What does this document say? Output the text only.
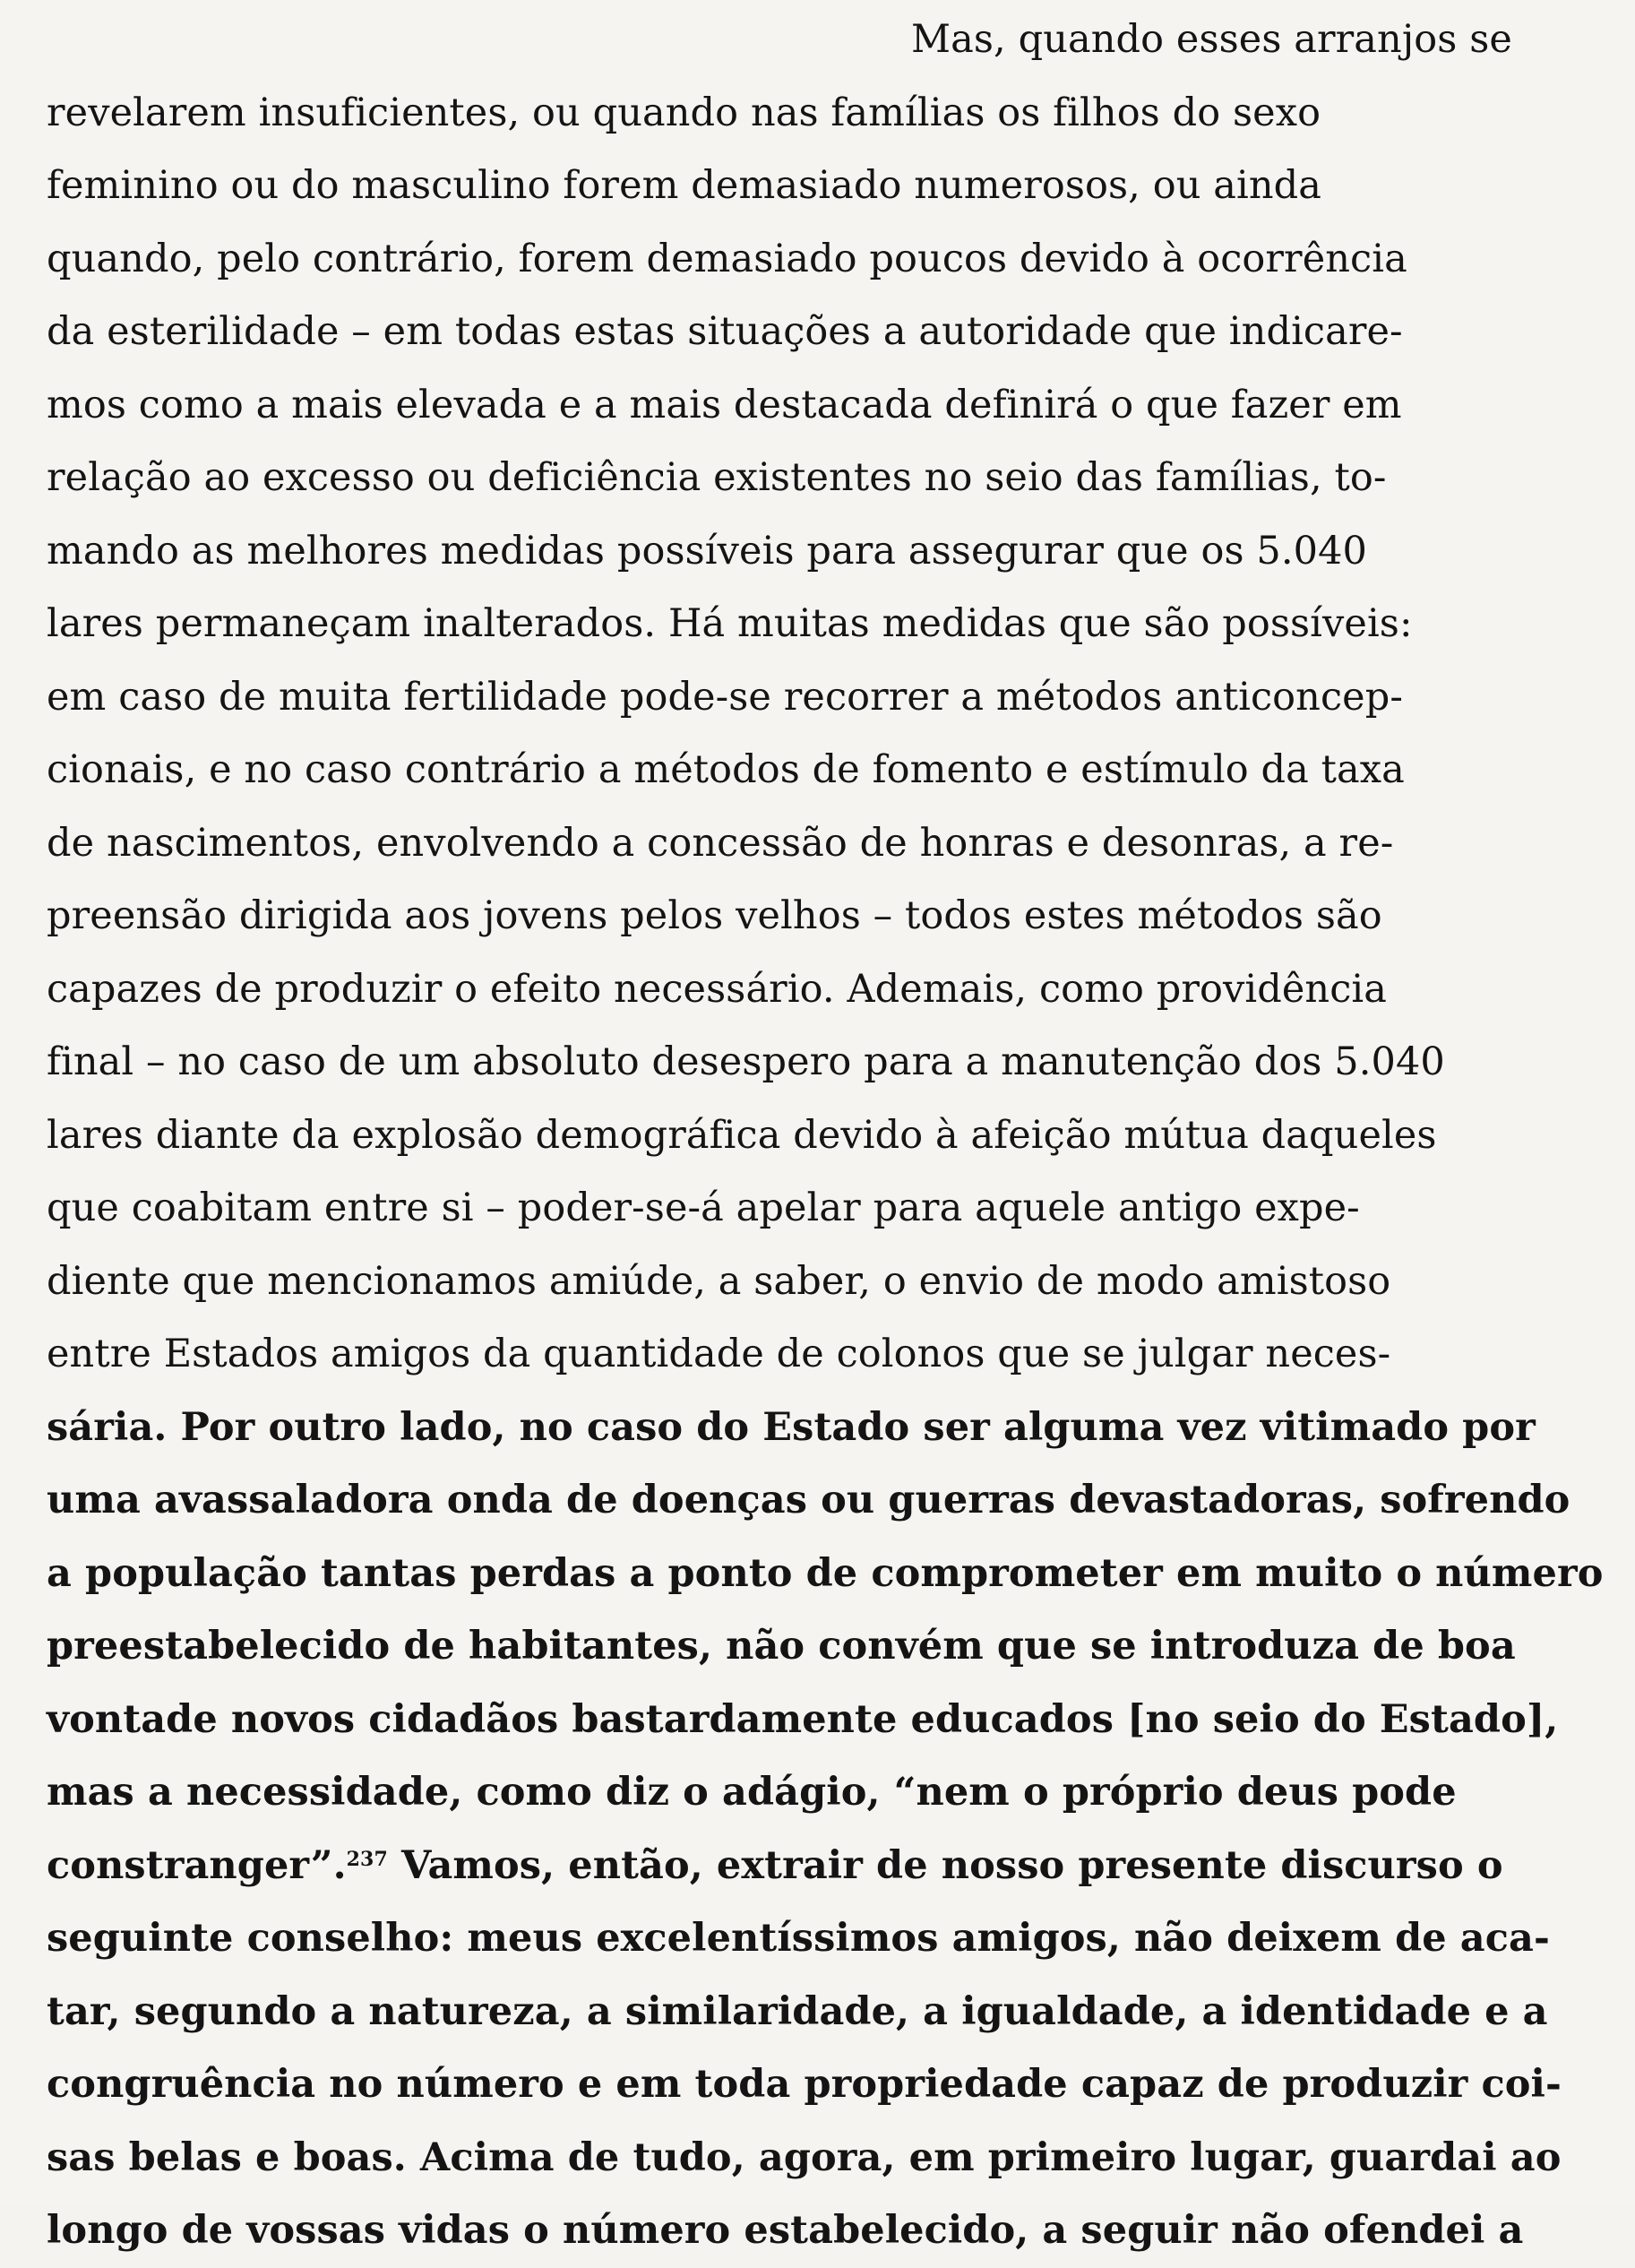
Mas, quando esses arranjos se
revelarem insuficientes, ou quando nas famílias os filhos do sexo
feminino ou do masculino forem demasiado numerosos, ou ainda
quando, pelo contrário, forem demasiado poucos devido à ocorrência
da esterilidade – em todas estas situações a autoridade que indicare-
mos como a mais elevada e a mais destacada definirá o que fazer em
relação ao excesso ou deficiência existentes no seio das famílias, to-
mando as melhores medidas possíveis para assegurar que os 5.040
lares permaneçam inalterados. Há muitas medidas que são possíveis:
em caso de muita fertilidade pode-se recorrer a métodos anticoncep-
cionais, e no caso contrário a métodos de fomento e estímulo da taxa
de nascimentos, envolvendo a concessão de honras e desonras, a re-
preensão dirigida aos jovens pelos velhos – todos estes métodos são
capazes de produzir o efeito necessário. Ademais, como providência
final – no caso de um absoluto desespero para a manutenção dos 5.040
lares diante da explosão demográfica devido à afeição mútua daqueles
que coabitam entre si – poder-se-á apelar para aquele antigo expe-
diente que mencionamos amiúde, a saber, o envio de modo amistoso
entre Estados amigos da quantidade de colonos que se julgar neces-
sária. Por outro lado, no caso do Estado ser alguma vez vitimado por
uma avassaladora onda de doenças ou guerras devastadoras, sofrendo
a população tantas perdas a ponto de comprometer em muito o número
preestabelecido de habitantes, não convém que se introduza de boa
vontade novos cidadãos bastardamente educados [no seio do Estado],
mas a necessidade, como diz o adágio, “nem o próprio deus pode
constranger”.$^{237}$ Vamos, então, extrair de nosso presente discurso o
seguinte conselho: meus excelentíssimos amigos, não deixem de aca-
tar, segundo a natureza, a similaridade, a igualdade, a identidade e a
congruência no número e em toda propriedade capaz de produzir coi-
sas belas e boas. Acima de tudo, agora, em primeiro lugar, guardai ao
longo de vossas vidas o número estabelecido, a seguir não ofendei a
